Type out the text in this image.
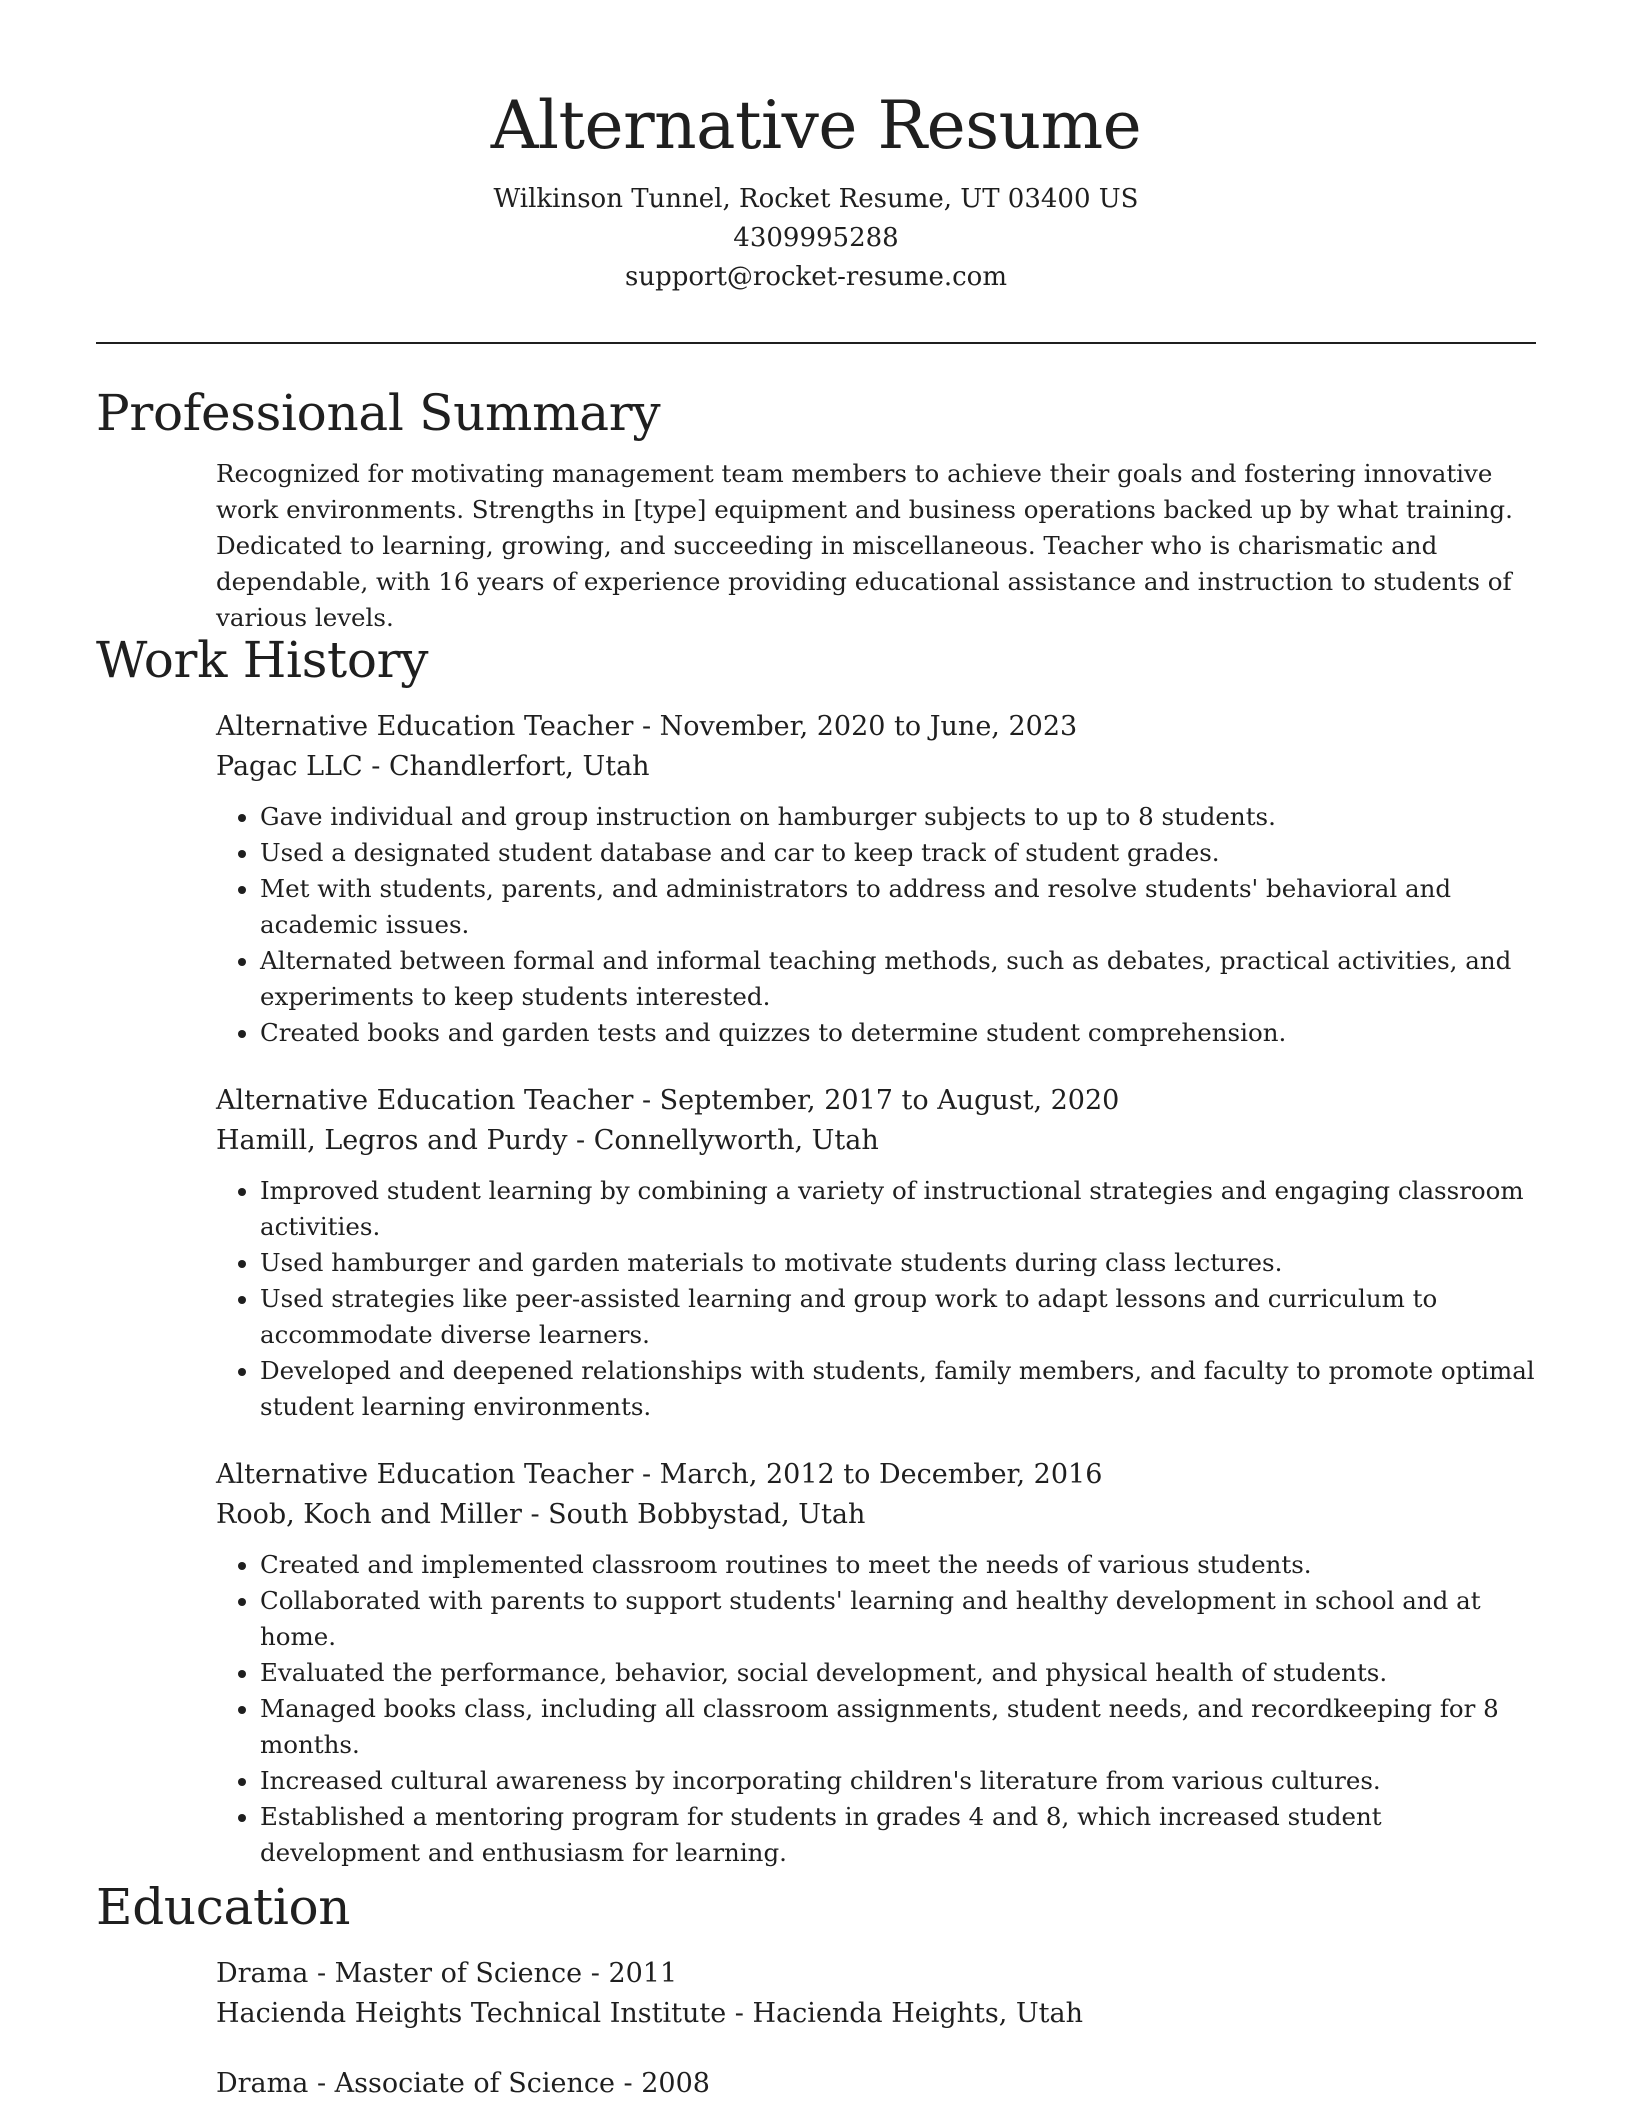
Alternative Resume

Wilkinson Tunnel, Rocket Resume, UT 03400 US

4309995288

support@rocket-resume.com

Professional Summary

Recognized for motivating management team members to achieve their goals and fostering innovative work environments. Strengths in [type] equipment and business operations backed up by what training. Dedicated to learning, growing, and succeeding in miscellaneous. Teacher who is charismatic and dependable, with 16 years of experience providing educational assistance and instruction to students of various levels.

Work History

Alternative Education Teacher - November, 2020 to June, 2023

Pagac LLC - Chandlerfort, Utah

• Gave individual and group instruction on hamburger subjects to up to 8 students.
• Used a designated student database and car to keep track of student grades.
• Met with students, parents, and administrators to address and resolve students' behavioral and academic issues.
• Alternated between formal and informal teaching methods, such as debates, practical activities, and experiments to keep students interested.
• Created books and garden tests and quizzes to determine student comprehension.

Alternative Education Teacher - September, 2017 to August, 2020

Hamill, Legros and Purdy - Connellyworth, Utah

• Improved student learning by combining a variety of instructional strategies and engaging classroom activities.
• Used hamburger and garden materials to motivate students during class lectures.
• Used strategies like peer-assisted learning and group work to adapt lessons and curriculum to accommodate diverse learners.
• Developed and deepened relationships with students, family members, and faculty to promote optimal student learning environments.

Alternative Education Teacher - March, 2012 to December, 2016

Roob, Koch and Miller - South Bobbystad, Utah

• Created and implemented classroom routines to meet the needs of various students.
• Collaborated with parents to support students' learning and healthy development in school and at home.
• Evaluated the performance, behavior, social development, and physical health of students.
• Managed books class, including all classroom assignments, student needs, and recordkeeping for 8 months.
• Increased cultural awareness by incorporating children's literature from various cultures.
• Established a mentoring program for students in grades 4 and 8, which increased student development and enthusiasm for learning.
Education

Drama - Master of Science - 2011

Hacienda Heights Technical Institute - Hacienda Heights, Utah

Drama - Associate of Science - 2008
